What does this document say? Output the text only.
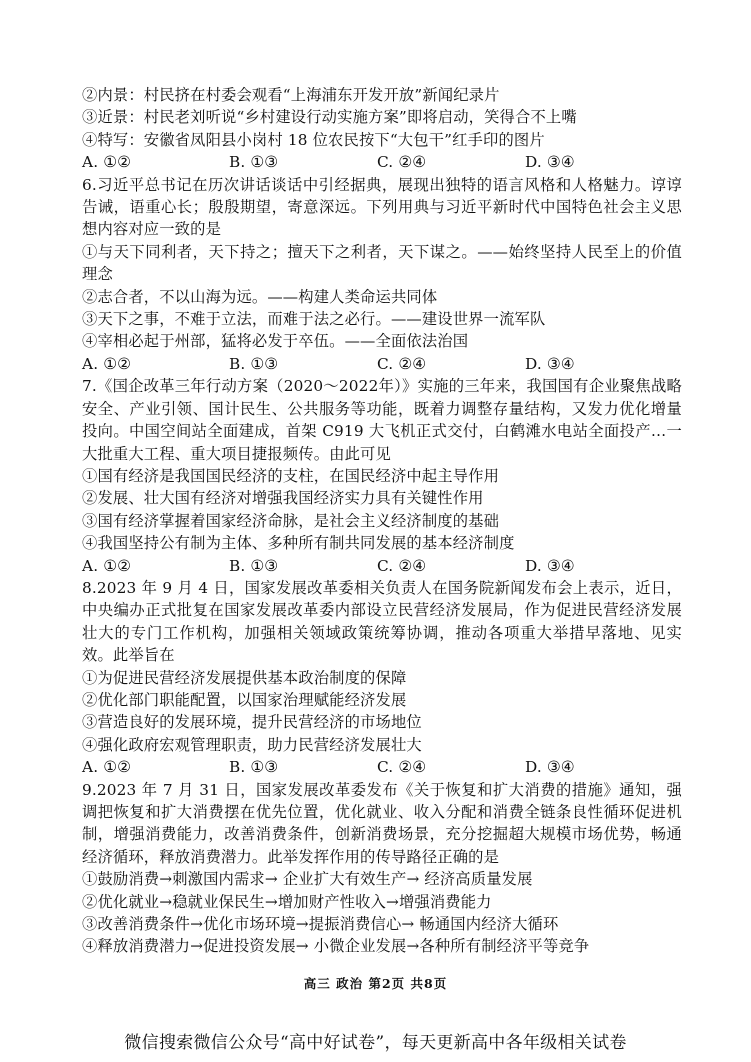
②内景：村民挤在村委会观看“上海浦东开发开放”新闻纪录片
③近景：村民老刘听说“乡村建设行动实施方案”即将启动，笑得合不上嘴
④特写：安徽省凤阳县小岗村 18 位农民按下“大包干”红手印的图片
A. ①②	B. ①③	C. ②④	D. ③④
6.习近平总书记在历次讲话谈话中引经据典，展现出独特的语言风格和人格魅力。谆谆告诫，语重心长；殷殷期望，寄意深远。下列用典与习近平新时代中国特色社会主义思想内容对应一致的是
①与天下同利者，天下持之；擅天下之利者，天下谋之。——始终坚持人民至上的价值理念
②志合者，不以山海为远。——构建人类命运共同体
③天下之事，不难于立法，而难于法之必行。——建设世界一流军队
④宰相必起于州部，猛将必发于卒伍。——全面依法治国
A. ①②	B. ①③	C. ②④	D. ③④
7.《国企改革三年行动方案（2020～2022年）》实施的三年来，我国国有企业聚焦战略安全、产业引领、国计民生、公共服务等功能，既着力调整存量结构，又发力优化增量投向。中国空间站全面建成，首架 C919 大飞机正式交付，白鹤滩水电站全面投产…一大批重大工程、重大项目捷报频传。由此可见
①国有经济是我国国民经济的支柱，在国民经济中起主导作用
②发展、壮大国有经济对增强我国经济实力具有关键性作用
③国有经济掌握着国家经济命脉，是社会主义经济制度的基础
④我国坚持公有制为主体、多种所有制共同发展的基本经济制度
A. ①②	B. ①③	C. ②④	D. ③④
8.2023 年 9 月 4 日，国家发展改革委相关负责人在国务院新闻发布会上表示，近日，中央编办正式批复在国家发展改革委内部设立民营经济发展局，作为促进民营经济发展壮大的专门工作机构，加强相关领域政策统筹协调，推动各项重大举措早落地、见实效。此举旨在
①为促进民营经济发展提供基本政治制度的保障
②优化部门职能配置，以国家治理赋能经济发展
③营造良好的发展环境，提升民营经济的市场地位
④强化政府宏观管理职责，助力民营经济发展壮大
A. ①②	B. ①③	C. ②④	D. ③④
9.2023 年 7 月 31 日，国家发展改革委发布《关于恢复和扩大消费的措施》通知，强调把恢复和扩大消费摆在优先位置，优化就业、收入分配和消费全链条良性循环促进机制，增强消费能力，改善消费条件，创新消费场景，充分挖掘超大规模市场优势，畅通经济循环，释放消费潜力。此举发挥作用的传导路径正确的是
①鼓励消费→刺激国内需求→ 企业扩大有效生产→ 经济高质量发展
②优化就业→稳就业保民生→增加财产性收入→增强消费能力
③改善消费条件→优化市场环境→提振消费信心→ 畅通国内经济大循环
④释放消费潜力→促进投资发展→ 小微企业发展→各种所有制经济平等竞争
高三 政治 第2页 共8页
微信搜索微信公众号“高中好试卷”，每天更新高中各年级相关试卷
